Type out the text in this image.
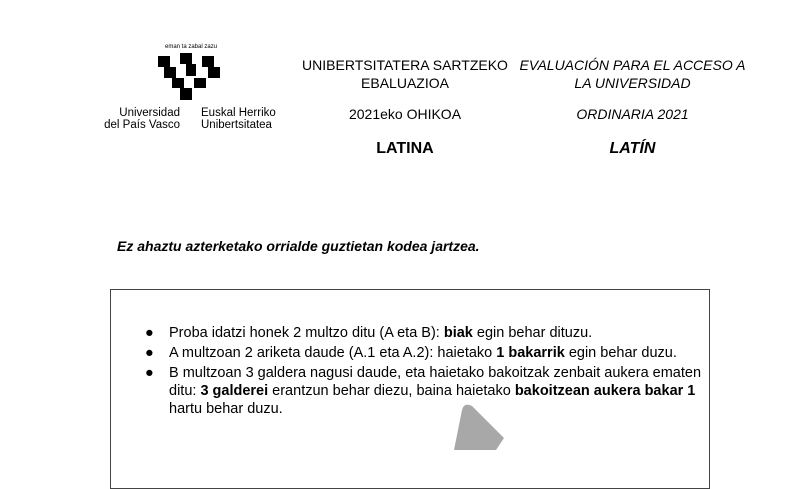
eman ta zabal zazu
Universidad
del País Vasco
Euskal Herriko
Unibertsitatea
UNIBERTSITATERA SARTZEKO
EBALUAZIOA
2021eko OHIKOA
LATINA
EVALUACIÓN PARA EL ACCESO A
LA UNIVERSIDAD
ORDINARIA 2021
LATÍN
Ez ahaztu azterketako orrialde guztietan kodea jartzea.
● Proba idatzi honek 2 multzo ditu (A eta B): biak egin behar dituzu.
● A multzoan 2 ariketa daude (A.1 eta A.2): haietako 1 bakarrik egin behar duzu.
● B multzoan 3 galdera nagusi daude, eta haietako bakoitzak zenbait aukera ematen ditu: 3 galderei erantzun behar diezu, baina haietako bakoitzean aukera bakar 1 hartu behar duzu.
